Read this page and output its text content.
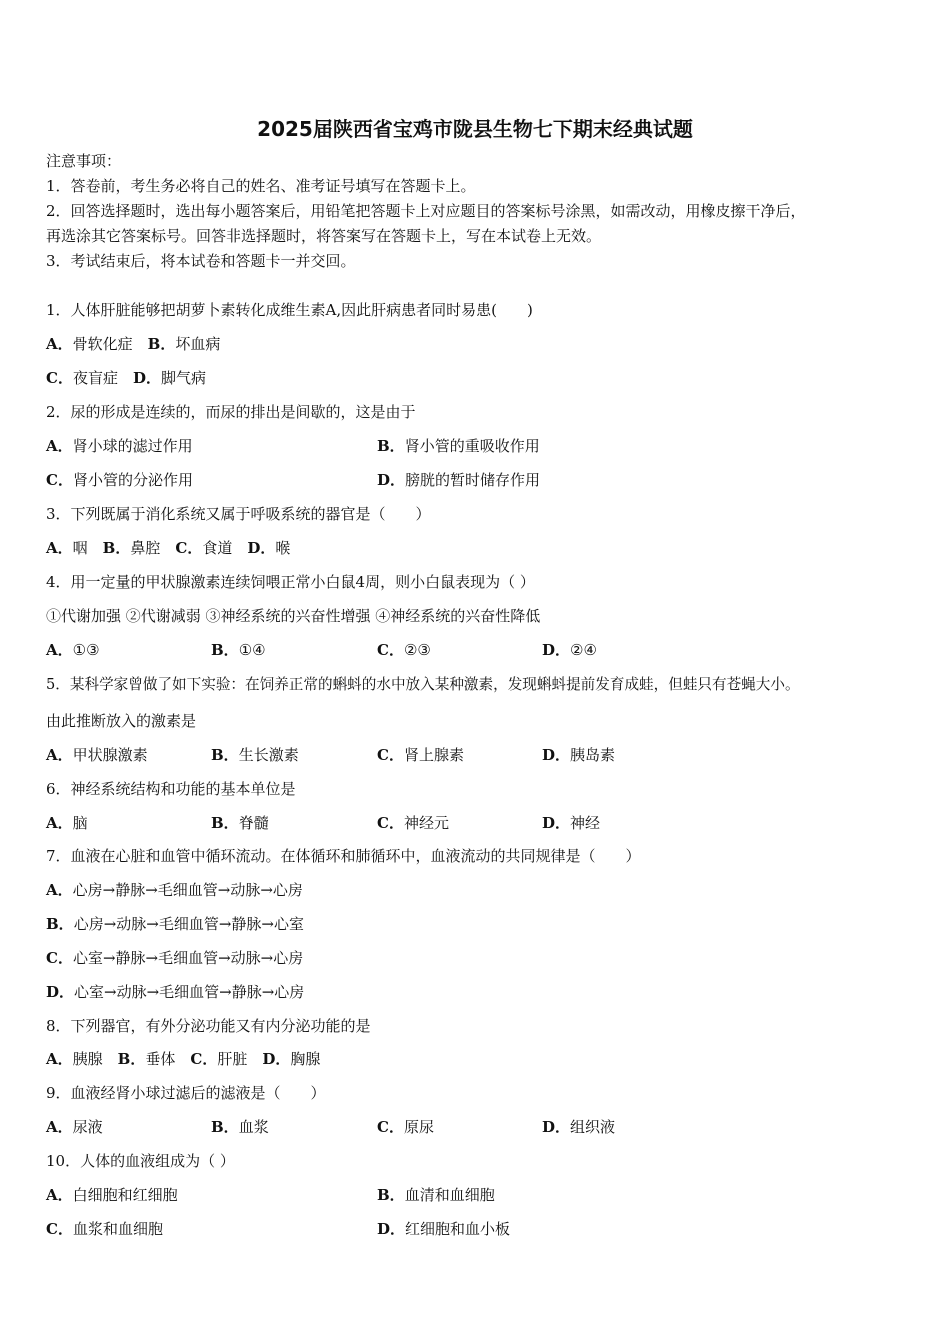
2025届陕西省宝鸡市陇县生物七下期末经典试题
注意事项：
1．答卷前，考生务必将自己的姓名、准考证号填写在答题卡上。
2．回答选择题时，选出每小题答案后，用铅笔把答题卡上对应题目的答案标号涂黑，如需改动，用橡皮擦干净后，
再选涂其它答案标号。回答非选择题时，将答案写在答题卡上，写在本试卷上无效。
3．考试结束后，将本试卷和答题卡一并交回。
1．人体肝脏能够把胡萝卜素转化成维生素A,因此肝病患者同时易患(　　)
A．骨软化症　 B．坏血病
C．夜盲症　 D．脚气病
2．尿的形成是连续的，而尿的排出是间歇的，这是由于
A．肾小球的滤过作用	B．肾小管的重吸收作用
C．肾小管的分泌作用	D．膀胱的暂时储存作用
3．下列既属于消化系统又属于呼吸系统的器官是（　　）
A．咽　 B．鼻腔　 C．食道　 D．喉
4．用一定量的甲状腺激素连续饲喂正常小白鼠4周，则小白鼠表现为（ ）
①代谢加强 ②代谢减弱 ③神经系统的兴奋性增强 ④神经系统的兴奋性降低
A．①③	B．①④	C．②③	D．②④
5．某科学家曾做了如下实验：在饲养正常的蝌蚪的水中放入某种激素，发现蝌蚪提前发育成蛙，但蛙只有苍蝇大小。
由此推断放入的激素是
A．甲状腺激素	B．生长激素	C．肾上腺素	D．胰岛素
6．神经系统结构和功能的基本单位是
A．脑	B．脊髓	C．神经元	D．神经
7．血液在心脏和血管中循环流动。在体循环和肺循环中，血液流动的共同规律是（　　）
A．心房→静脉→毛细血管→动脉→心房
B．心房→动脉→毛细血管→静脉→心室
C．心室→静脉→毛细血管→动脉→心房
D．心室→动脉→毛细血管→静脉→心房
8．下列器官，有外分泌功能又有内分泌功能的是
A．胰腺　 B．垂体　 C．肝脏　 D．胸腺
9．血液经肾小球过滤后的滤液是（　　）
A．尿液	B．血浆	C．原尿	D．组织液
10．人体的血液组成为（ ）
A．白细胞和红细胞	B．血清和血细胞
C．血浆和血细胞	D．红细胞和血小板
